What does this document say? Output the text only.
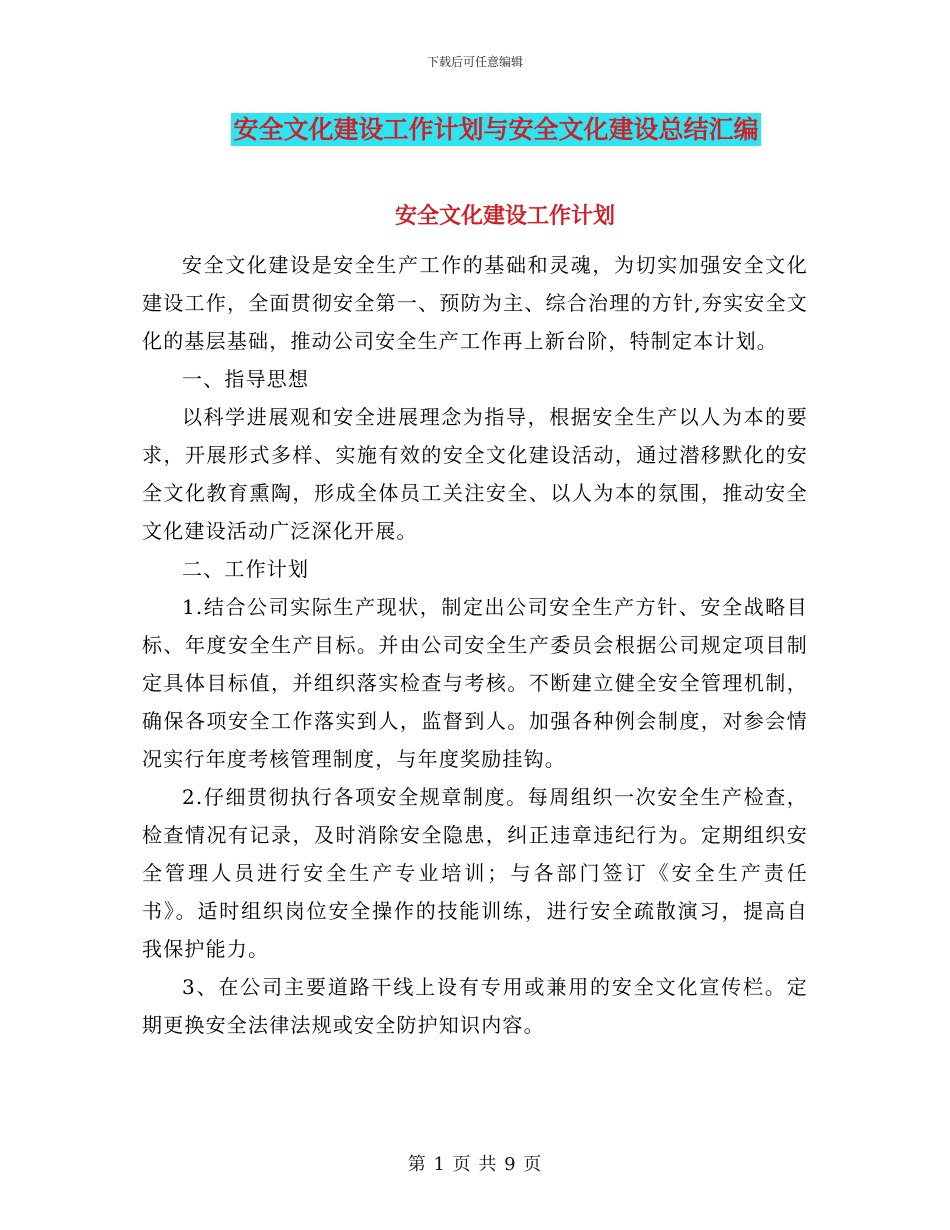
下载后可任意编辑
安全文化建设工作计划与安全文化建设总结汇编
安全文化建设工作计划

安全文化建设是安全生产工作的基础和灵魂，为切实加强安全文化建设工作，全面贯彻安全第一、预防为主、综合治理的方针,夯实安全文化的基层基础，推动公司安全生产工作再上新台阶，特制定本计划。

一、指导思想

以科学进展观和安全进展理念为指导，根据安全生产以人为本的要求，开展形式多样、实施有效的安全文化建设活动，通过潜移默化的安全文化教育熏陶，形成全体员工关注安全、以人为本的氛围，推动安全文化建设活动广泛深化开展。

二、工作计划

1.结合公司实际生产现状，制定出公司安全生产方针、安全战略目标、年度安全生产目标。并由公司安全生产委员会根据公司规定项目制定具体目标值，并组织落实检查与考核。不断建立健全安全管理机制，确保各项安全工作落实到人，监督到人。加强各种例会制度，对参会情况实行年度考核管理制度，与年度奖励挂钩。

2.仔细贯彻执行各项安全规章制度。每周组织一次安全生产检查，检查情况有记录，及时消除安全隐患，纠正违章违纪行为。定期组织安全管理人员进行安全生产专业培训；与各部门签订《安全生产责任书》。适时组织岗位安全操作的技能训练，进行安全疏散演习，提高自我保护能力。

3、在公司主要道路干线上设有专用或兼用的安全文化宣传栏。定期更换安全法律法规或安全防护知识内容。

第 1 页 共 9 页
